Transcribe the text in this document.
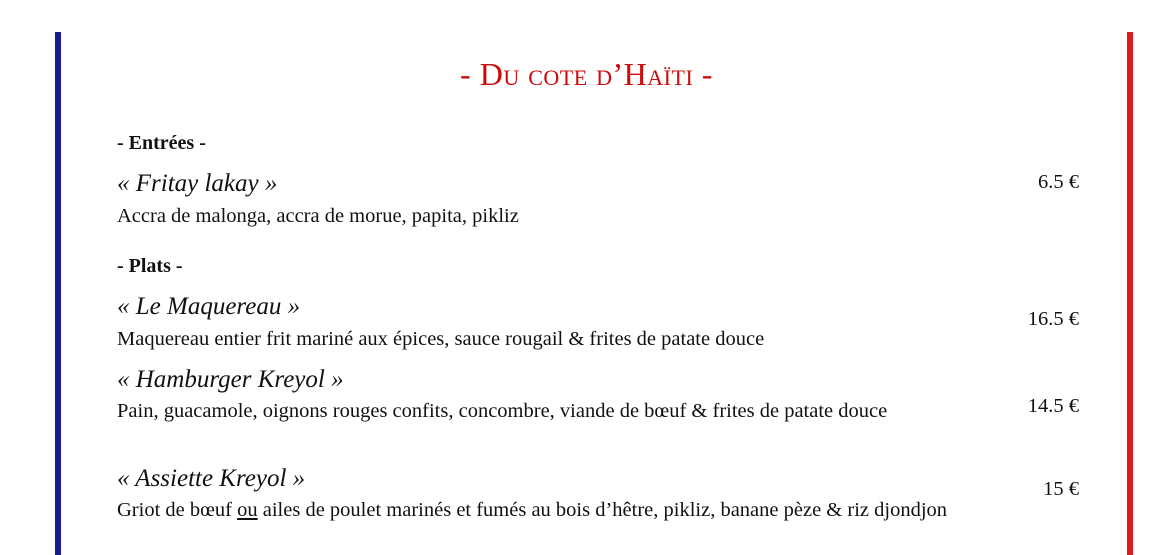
- Du cote d’Haïti -
- Entrées -
« Fritay lakay »
Accra de malonga, accra de morue, papita, pikliz
6.5 €
- Plats -
« Le Maquereau »
Maquereau entier frit mariné aux épices, sauce rougail & frites de patate douce
16.5 €
« Hamburger Kreyol »
Pain, guacamole, oignons rouges confits, concombre, viande de bœuf & frites de patate douce	14.5 €
« Assiette Kreyol »
Griot de bœuf ou ailes de poulet marinés et fumés au bois d’hêtre, pikliz, banane pèze & riz djondjon
15 €
